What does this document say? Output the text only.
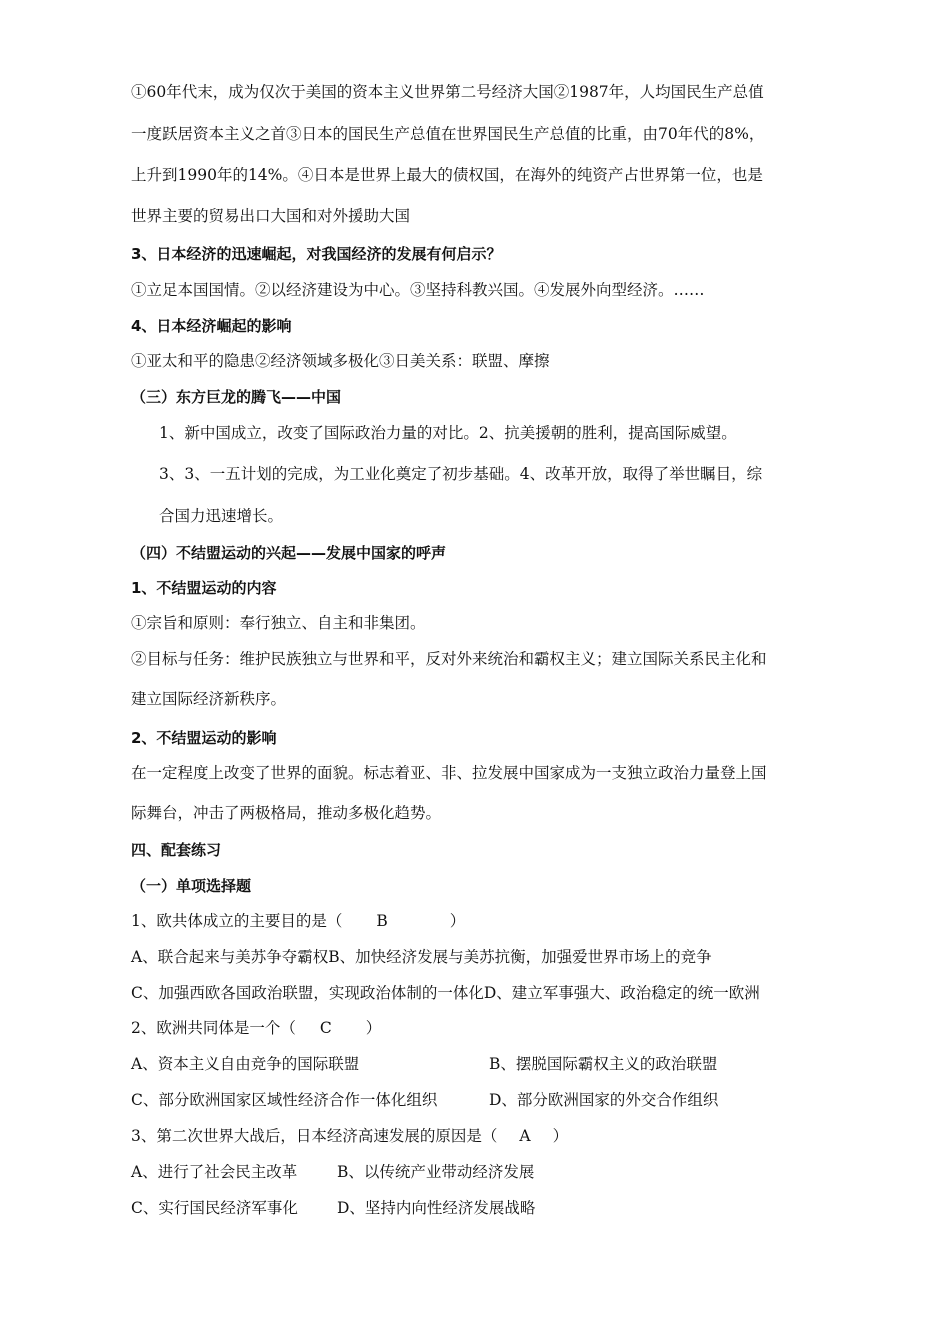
①60年代末，成为仅次于美国的资本主义世界第二号经济大国②1987年，人均国民生产总值
一度跃居资本主义之首③日本的国民生产总值在世界国民生产总值的比重，由70年代的8%，
上升到1990年的14%。④日本是世界上最大的债权国，在海外的纯资产占世界第一位，也是
世界主要的贸易出口大国和对外援助大国
3、日本经济的迅速崛起，对我国经济的发展有何启示？
①立足本国国情。②以经济建设为中心。③坚持科教兴国。④发展外向型经济。……
4、日本经济崛起的影响
①亚太和平的隐患②经济领域多极化③日美关系：联盟、摩擦
（三）东方巨龙的腾飞——中国
1、新中国成立，改变了国际政治力量的对比。2、抗美援朝的胜利，提高国际威望。
3、3、一五计划的完成，为工业化奠定了初步基础。4、改革开放，取得了举世瞩目，综
合国力迅速增长。
（四）不结盟运动的兴起——发展中国家的呼声
1、不结盟运动的内容
①宗旨和原则：奉行独立、自主和非集团。
②目标与任务：维护民族独立与世界和平，反对外来统治和霸权主义；建立国际关系民主化和
建立国际经济新秩序。
2、不结盟运动的影响
在一定程度上改变了世界的面貌。标志着亚、非、拉发展中国家成为一支独立政治力量登上国
际舞台，冲击了两极格局，推动多极化趋势。
四、配套练习
（一）单项选择题
1、欧共体成立的主要目的是（ B	）
A、联合起来与美苏争夺霸权B、加快经济发展与美苏抗衡，加强爱世界市场上的竞争
C、加强西欧各国政治联盟，实现政治体制的一体化D、建立军事强大、政治稳定的统一欧洲
2、欧洲共同体是一个（ C ）
A、资本主义自由竞争的国际联盟	B、摆脱国际霸权主义的政治联盟
C、部分欧洲国家区域性经济合作一体化组织	D、部分欧洲国家的外交合作组织
3、第二次世界大战后，日本经济高速发展的原因是（ A ）
A、进行了社会民主改革	B、以传统产业带动经济发展
C、实行国民经济军事化	D、坚持内向性经济发展战略
